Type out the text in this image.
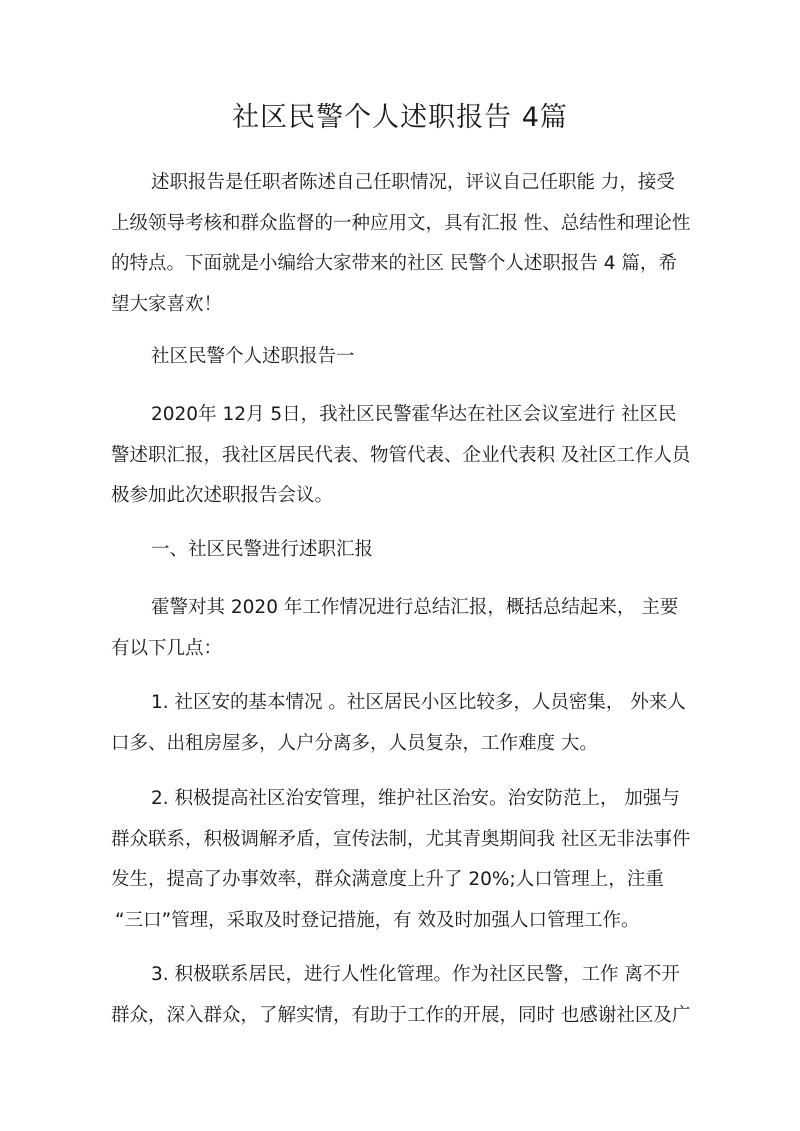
社区民警个人述职报告 4篇

述职报告是任职者陈述自己任职情况，评议自己任职能 力，接受
上级领导考核和群众监督的一种应用文，具有汇报 性、总结性和理论性
的特点。下面就是小编给大家带来的社区 民警个人述职报告 4 篇，希
望大家喜欢！

社区民警个人述职报告一

2020年 12月 5日，我社区民警霍华达在社区会议室进行 社区民
警述职汇报，我社区居民代表、物管代表、企业代表积 及社区工作人员
极参加此次述职报告会议。

一、社区民警进行述职汇报

霍警对其 2020 年工作情况进行总结汇报，概括总结起来， 主要
有以下几点：

1. 社区安的基本情况 。社区居民小区比较多，人员密集， 外来人
口多、出租房屋多，人户分离多，人员复杂，工作难度 大。

2. 积极提高社区治安管理，维护社区治安。治安防范上， 加强与
群众联系，积极调解矛盾，宣传法制，尤其青奥期间我 社区无非法事件
发生，提高了办事效率，群众满意度上升了 20%;人口管理上，注重
“三口”管理，采取及时登记措施，有 效及时加强人口管理工作。

3. 积极联系居民，进行人性化管理。作为社区民警，工作 离不开
群众，深入群众，了解实情，有助于工作的开展，同时 也感谢社区及广
